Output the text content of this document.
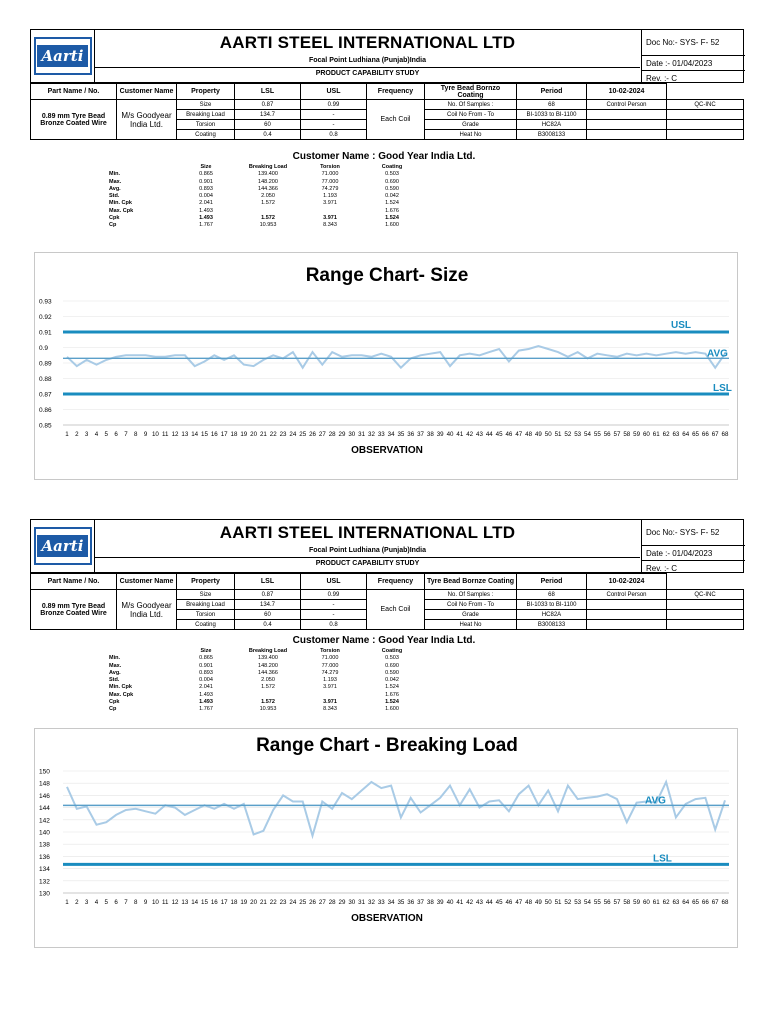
Aarti
AARTI STEEL INTERNATIONAL LTD
Focal Point Ludhiana (Punjab)India
PRODUCT CAPABILITY STUDY
Doc No:- SYS- F- 52
Date :- 01/04/2023
Rev. :- C
Part Name / No.	Customer Name	Property	LSL	USL	Frequency	Tyre Bead Bornzo Coating	Period	10-02-2024	
0.89 mm Tyre Bead Bronze Coated Wire	M/s Goodyear India Ltd.	Size	0.87	0.99	Each Coil	No. Of Samples :	68	Control Person	QC-INC
		Breaking Load	134.7	-		Coil No From - To	BI-1033 to BI-1100		
		Torsion	60	-		Grade	HC82A		
		Coating	0.4	0.8		Heat No	B3008133		
Customer Name : Good Year India Ltd.
	Size	Breaking Load	Torsion	Coating
Min.	0.865	139.400	71.000	0.503
Max.	0.901	148.200	77.000	0.690
Avg.	0.893	144.366	74.279	0.590
Std.	0.004	2.050	1.193	0.042
Min. Cpk	2.041	1.572	3.971	1.524
Max. Cpk	1.493			1.676
Cpk	1.493	1.572	3.971	1.524
Cp	1.767	10.953	8.343	1.600
Range Chart- Size
0.85
0.86
0.87
0.88
0.89
0.9
0.91
0.92
0.93
1 2 3 4 5 6 7 8 9 10 11 12 13 14 15 16 17 18 19 20 21 22 23 24 25 26 27 28 29 30 31 32 33 34 35 36 37 38 39 40 41 42 43 44 45 46 47 48 49 50 51 52 53 54 55 56 57 58 59 60 61 62 63 64 65 66 67 68
OBSERVATION
USL
AVG
LSL
Aarti
AARTI STEEL INTERNATIONAL LTD
Focal Point Ludhiana (Punjab)India
PRODUCT CAPABILITY STUDY
Doc No:- SYS- F- 52
Date :- 01/04/2023
Rev. :- C
Part Name / No.	Customer Name	Property	LSL	USL	Frequency	Tyre Bead Bornze Coating	Period	10-02-2024	
0.89 mm Tyre Bead Bronze Coated Wire	M/s Goodyear India Ltd.	Size	0.87	0.99	Each Coil	No. Of Samples :	68	Control Person	QC-INC
		Breaking Load	134.7	-		Coil No From - To	BI-1033 to BI-1100		
		Torsion	60	-		Grade	HC82A		
		Coating	0.4	0.8		Heat No	B3008133		
Customer Name : Good Year India Ltd.
	Size	Breaking Load	Torsion	Coating
Min.	0.865	139.400	71.000	0.503
Max.	0.901	148.200	77.000	0.690
Avg.	0.893	144.366	74.279	0.590
Std.	0.004	2.050	1.193	0.042
Min. Cpk	2.041	1.572	3.971	1.524
Max. Cpk	1.493			1.676
Cpk	1.493	1.572	3.971	1.524
Cp	1.767	10.953	8.343	1.600
Range Chart - Breaking Load
130
132
134
136
138
140
142
144
146
148
150
1 2 3 4 5 6 7 8 9 10 11 12 13 14 15 16 17 18 19 20 21 22 23 24 25 26 27 28 29 30 31 32 33 34 35 36 37 38 39 40 41 42 43 44 45 46 47 48 49 50 51 52 53 54 55 56 57 58 59 60 61 62 63 64 65 66 67 68
OBSERVATION
AVG
LSL
